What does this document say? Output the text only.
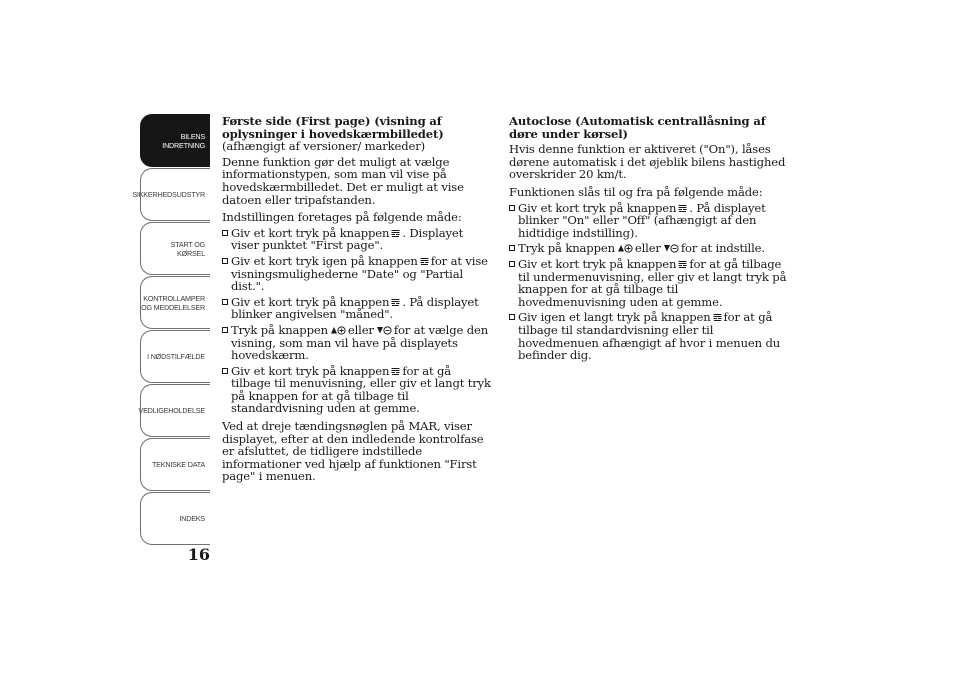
BILENS
INDRETNING
SIKKERHEDSUDSTYR
START OG KØRSEL
KONTROLLAMPER
OG MEDDELELSER
I NØDSTILFÆLDE
VEDLIGEHOLDELSE
TEKNISKE DATA
INDEKS
16

Første side (First page) (visning af oplysninger i hovedskærmbilledet)(afhængigt af versioner/ markeder)

Denne funktion gør det muligt at vælge informationstypen, som man vil vise på hovedskærmbilledet. Det er muligt at vise datoen eller tripafstanden.

Indstillingen foretages på følgende måde:

Giv et kort tryk på knappen . Displayet viser punktet "First page".
Giv et kort tryk igen på knappen for at vise visningsmulighederne "Date" og "Partial dist.".
Giv et kort tryk på knappen . På displayet blinker angivelsen "måned".
Tryk på knappen eller for at vælge den visning, som man vil have på displayets hovedskærm.
Giv et kort tryk på knappen for at gå tilbage til menuvisning, eller giv et langt tryk på knappen for at gå tilbage til standardvisning uden at gemme.

Ved at dreje tændingsnøglen på MAR, viser displayet, efter at den indledende kontrolfase er afsluttet, de tidligere indstillede informationer ved hjælp af funktionen "First page" i menuen.

Autoclose (Automatisk centrallåsning af døre under kørsel)

Hvis denne funktion er aktiveret ("On"), låses dørene automatisk i det øjeblik bilens hastighed overskrider 20 km/t.

Funktionen slås til og fra på følgende måde:

Giv et kort tryk på knappen . På displayet blinker "On" eller "Off" (afhængigt af den hidtidige indstilling).
Tryk på knappen eller for at indstille.
Giv et kort tryk på knappen for at gå tilbage til undermenuvisning, eller giv et langt tryk på knappen for at gå tilbage til hovedmenuvisning uden at gemme.
Giv igen et langt tryk på knappen for at gå tilbage til standardvisning eller til hovedmenuen afhængigt af hvor i menuen du befinder dig.
